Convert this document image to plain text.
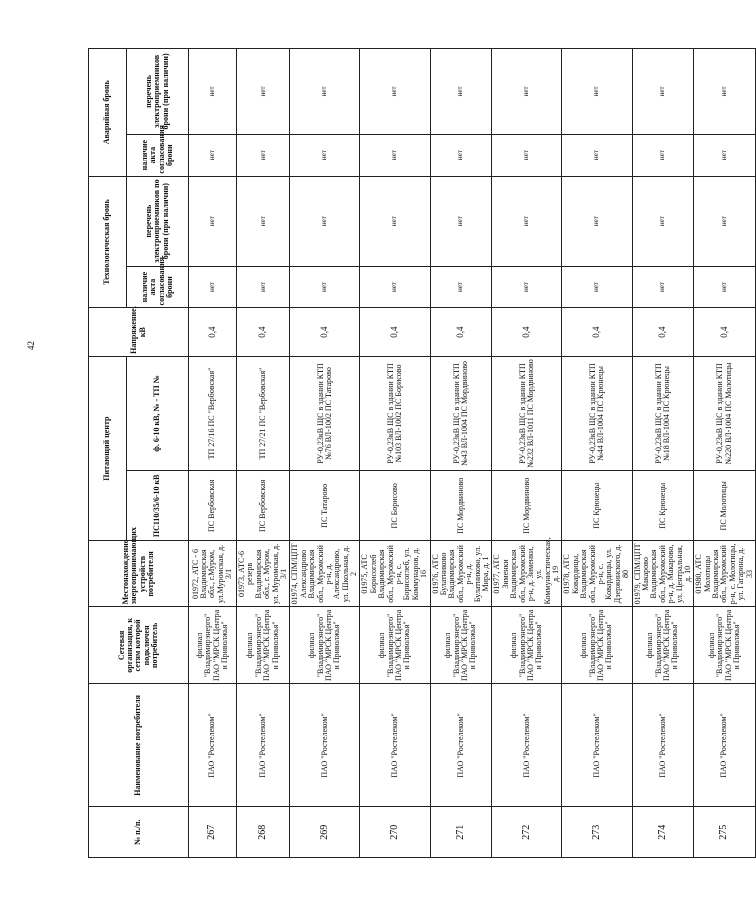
42
№ п./п.	Наименование потребителя	Сетевая организация, к сетям которой подключен потребитель	Местонахождение энергопринимающих устройств потребителя	Питающий центр		Напряжение, кВ	Технологическая бронь		Аварийная бронь	
				ПС110/35/6-10 кВ	ф. 6-10 кВ, № - ТП №		наличие акта согласования брони	перечень электроприемников по брони (при наличии)	наличие акта согласования брони	перечень электроприемников брони (при наличии)
267	ПАО "Ростелеком"	филиал "Владимирэнерго" ПАО "МРСК Центра и Приволжья"	01972, АТС - 6 Владимирская обл., г.Муром, ул.Муромская, д. 3/1	ПС Вербовская	ТП 27/16 ПС "Вербовская"	0,4	нет	нет	нет	нет
268	ПАО "Ростелеком"	филиал "Владимирэнерго" ПАО "МРСК Центра и Приволжья"	01973, АТС-6 резерв Владимирская обл., г. Муром, ул. Муромская, д. 3/1	ПС Вербовская	ТП 27/21 ПС "Вербовская"	0,4	нет	нет	нет	нет
269	ПАО "Ростелеком"	филиал "Владимирэнерго" ПАО "МРСК Центра и Приволжья"	01974, СПМ/ЦПТ Александрово Владимирская обл., Муромский р-н, д. Александрово, ул. Школьная, д. 2	ПС Татарово	РУ-0,23кВ ЩС в здании КТП №76 ВЛ-1002 ПС Татарово	0,4	нет	нет	нет	нет
270	ПАО "Ростелеком"	филиал "Владимирэнерго" ПАО "МРСК Центра и Приволжья"	01975, АТС Борисоглеб Владимирская обл., Муромский р-н, с. Борисоглеб, ул. Коммунаров, д. 16	ПС Борисово	РУ-0,23кВ ЩС в здании КТП №103 ВЛ-1002 ПС Борисово	0,4	нет	нет	нет	нет
271	ПАО "Ростелеком"	филиал "Владимирэнерго" ПАО "МРСК Центра и Приволжья"	01976, АТС Булатниково Владимирская обл., Муромский р-н, д. Булатниково, ул. Мира, д. 1	ПС Мордвиново	РУ-0,23кВ ЩС в здании КТП №43 ВЛ-1004 ПС Мордвиново	0,4	нет	нет	нет	нет
272	ПАО "Ростелеком"	филиал "Владимирэнерго" ПАО "МРСК Центра и Приволжья"	01977, АТС Зименки Владимирская обл., Муромский р-н, д. Зименки, ул. Коммунистическая, д. 19	ПС Мордвиново	РУ-0,23кВ ЩС в здании КТП №232 ВЛ-1011 ПС Мордвиново	0,4	нет	нет	нет	нет
273	ПАО "Ростелеком"	филиал "Владимирэнерго" ПАО "МРСК Центра и Приволжья"	01978, АТС Ковардицы, Владимирская обл., Муромский р-н, с. Ковардицы, ул. Дзержинского, д. 80	ПС Крюнецы	РУ-0,23кВ ЩС в здании КТП №44 ВЛ-1004 ПС Крюнецы	0,4	нет	нет	нет	нет
274	ПАО "Ростелеком"	филиал "Владимирэнерго" ПАО "МРСК Центра и Приволжья"	01979, СПМ/ЦПТ Макарово Владимирская обл., Муромский р-н, д. Макарово, ул. Центральная, д. 10	ПС Крюнецы	РУ-0,23кВ ЩС в здании КТП №18 ВЛ-1004 ПС Крюнецы	0,4	нет	нет	нет	нет
275	ПАО "Ростелеком"	филиал "Владимирэнерго" ПАО "МРСК Центра и Приволжья"	01980, АТС Молотицы Владимирская обл., Муромский р-н, с. Молотицы, ул. Гагарина, д. 33	ПС Молотицы	РУ-0,23кВ ЩС в здании КТП №220 ВЛ-1004 ПС Молотицы	0,4	нет	нет	нет	нет
